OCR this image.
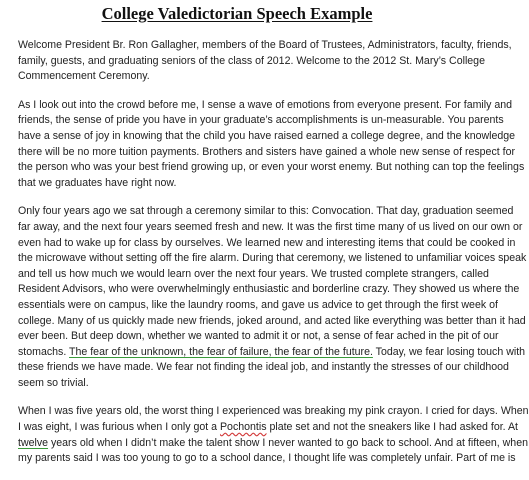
College Valedictorian Speech Example

Welcome President Br. Ron Gallagher, members of the Board of Trustees, Administrators, faculty, friends,
family, guests, and graduating seniors of the class of 2012. Welcome to the 2012 St. Mary’s College
Commencement Ceremony.

As I look out into the crowd before me, I sense a wave of emotions from everyone present. For family and
friends, the sense of pride you have in your graduate’s accomplishments is un-measurable. You parents
have a sense of joy in knowing that the child you have raised earned a college degree, and the knowledge
there will be no more tuition payments. Brothers and sisters have gained a whole new sense of respect for
the person who was your best friend growing up, or even your worst enemy. But nothing can top the feelings
that we graduates have right now.

Only four years ago we sat through a ceremony similar to this: Convocation. That day, graduation seemed
far away, and the next four years seemed fresh and new. It was the first time many of us lived on our own or
even had to wake up for class by ourselves. We learned new and interesting items that could be cooked in
the microwave without setting off the fire alarm. During that ceremony, we listened to unfamiliar voices speak
and tell us how much we would learn over the next four years. We trusted complete strangers, called
Resident Advisors, who were overwhelmingly enthusiastic and borderline crazy. They showed us where the
essentials were on campus, like the laundry rooms, and gave us advice to get through the first week of
college. Many of us quickly made new friends, joked around, and acted like everything was better than it had
ever been. But deep down, whether we wanted to admit it or not, a sense of fear ached in the pit of our
stomachs. The fear of the unknown, the fear of failure, the fear of the future. Today, we fear losing touch with
these friends we have made. We fear not finding the ideal job, and instantly the stresses of our childhood
seem so trivial.

When I was five years old, the worst thing I experienced was breaking my pink crayon. I cried for days. When
I was eight, I was furious when I only got a Pochontis plate set and not the sneakers like I had asked for. At
twelve years old when I didn’t make the talent show I never wanted to go back to school. And at fifteen, when
my parents said I was too young to go to a school dance, I thought life was completely unfair. Part of me is
